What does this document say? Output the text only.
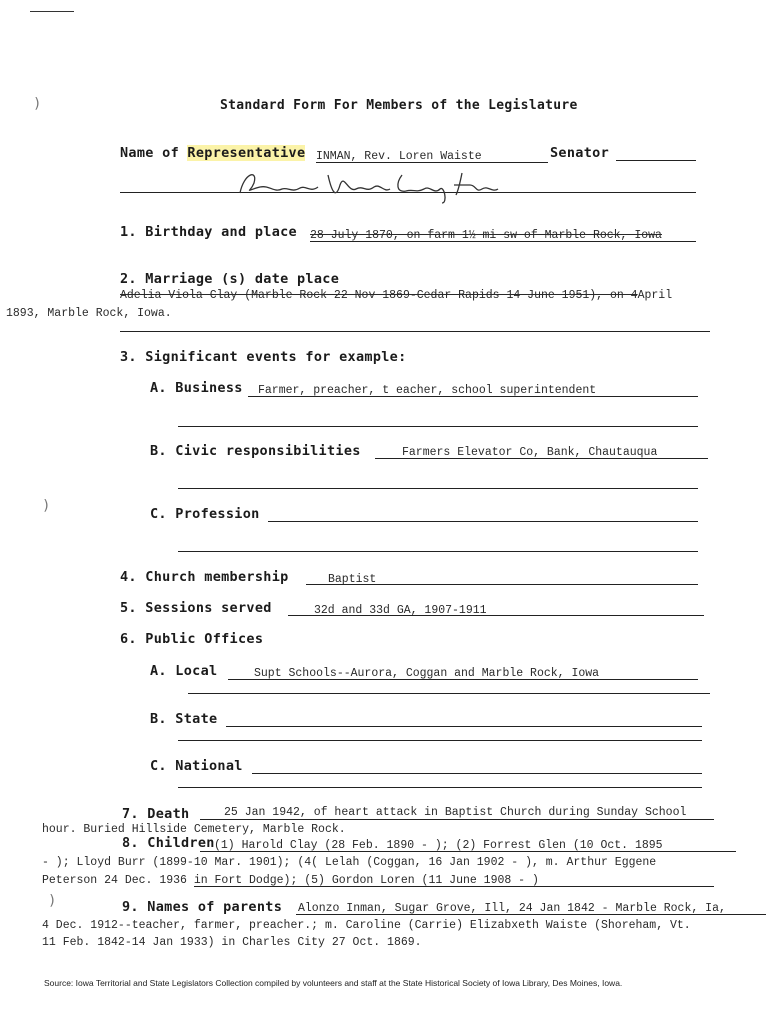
)
)
)
Standard Form For Members of the Legislature
Name of Representative INMAN, Rev. Loren Waiste	Senator
1. Birthday and place 28 July 1870, on farm 1½ mi sw of Marble Rock, Iowa
2. Marriage (s) date place
Adelia Viola Clay (Marble Rock 22 Nov 1869-Cedar Rapids 14 June 1951), on 4April
1893, Marble Rock, Iowa.
3. Significant events for example:
A. Business Farmer, preacher, t eacher, school superintendent
B. Civic responsibilities	Farmers Elevator Co, Bank, Chautauqua
C. Profession
4. Church membership	Baptist
5. Sessions served	32d and 33d GA, 1907-1911
6. Public Offices
A. Local	Supt Schools--Aurora, Coggan and Marble Rock, Iowa
B. State
C. National
7. Death	25 Jan 1942, of heart attack in Baptist Church during Sunday School
hour. Buried Hillside Cemetery, Marble Rock.
8. Children (1) Harold Clay (28 Feb. 1890 - ); (2) Forrest Glen (10 Oct. 1895
- ); Lloyd Burr (1899-10 Mar. 1901); (4( Lelah (Coggan, 16 Jan 1902 - ), m. Arthur Eggene
Peterson 24 Dec. 1936 in Fort Dodge); (5) Gordon Loren (11 June 1908 - )
9. Names of parents Alonzo Inman, Sugar Grove, Ill, 24 Jan 1842 - Marble Rock, Ia,
4 Dec. 1912--teacher, farmer, preacher.; m. Caroline (Carrie) Elizabxeth Waiste (Shoreham, Vt.
11 Feb. 1842-14 Jan 1933) in Charles City 27 Oct. 1869.
Source: Iowa Territorial and State Legislators Collection compiled by volunteers and staff at the State Historical Society of Iowa Library, Des Moines, Iowa.
